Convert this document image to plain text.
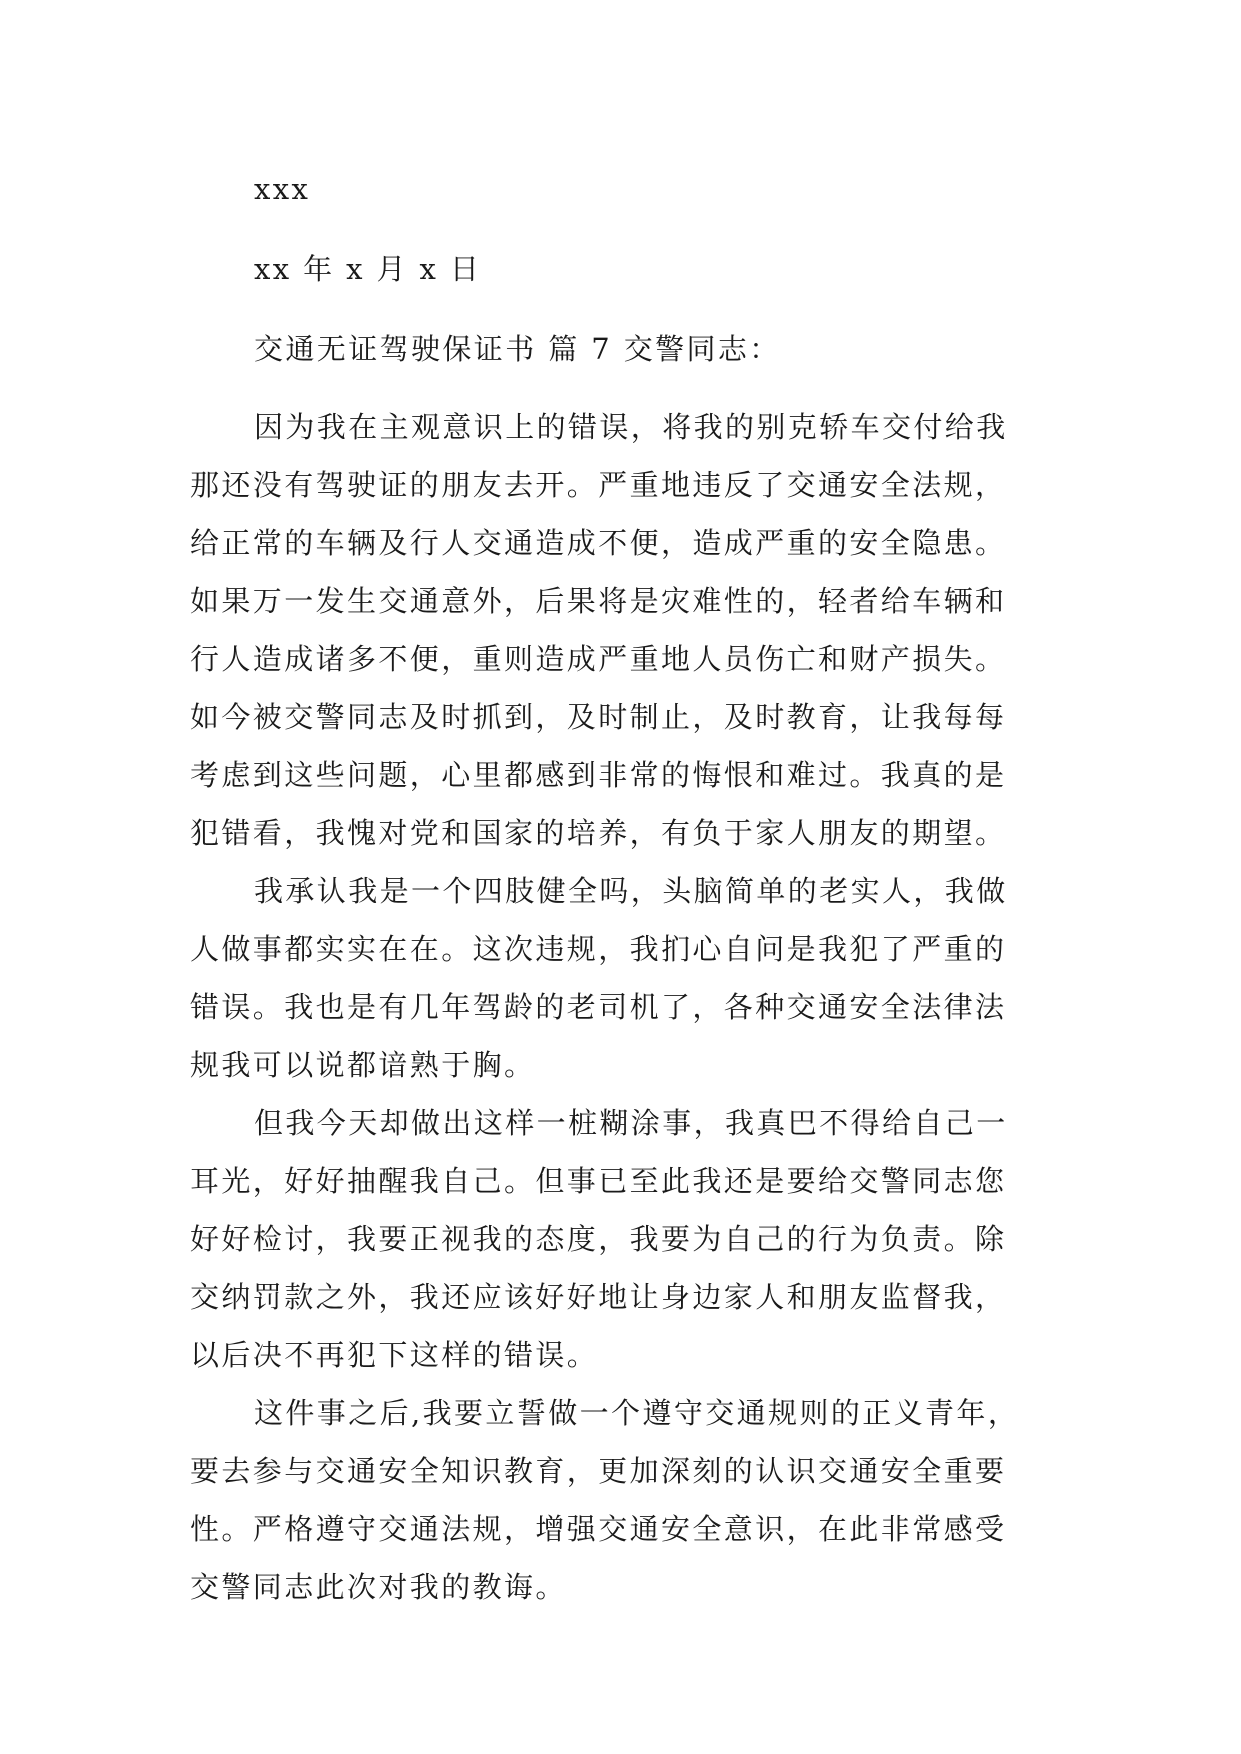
xxx

xx 年 x 月 x 日

交通无证驾驶保证书 篇 7 交警同志：

因为我在主观意识上的错误，将我的别克轿车交付给我

那还没有驾驶证的朋友去开。严重地违反了交通安全法规，

给正常的车辆及行人交通造成不便，造成严重的安全隐患。

如果万一发生交通意外，后果将是灾难性的，轻者给车辆和

行人造成诸多不便，重则造成严重地人员伤亡和财产损失。

如今被交警同志及时抓到，及时制止，及时教育，让我每每

考虑到这些问题，心里都感到非常的悔恨和难过。我真的是

犯错看，我愧对党和国家的培养，有负于家人朋友的期望。

我承认我是一个四肢健全吗，头脑简单的老实人，我做

人做事都实实在在。这次违规，我扪心自问是我犯了严重的

错误。我也是有几年驾龄的老司机了，各种交通安全法律法

规我可以说都谙熟于胸。

但我今天却做出这样一桩糊涂事，我真巴不得给自己一

耳光，好好抽醒我自己。但事已至此我还是要给交警同志您

好好检讨，我要正视我的态度，我要为自己的行为负责。除

交纳罚款之外，我还应该好好地让身边家人和朋友监督我，

以后决不再犯下这样的错误。

这件事之后,我要立誓做一个遵守交通规则的正义青年，

要去参与交通安全知识教育，更加深刻的认识交通安全重要

性。严格遵守交通法规，增强交通安全意识，在此非常感受

交警同志此次对我的教诲。
